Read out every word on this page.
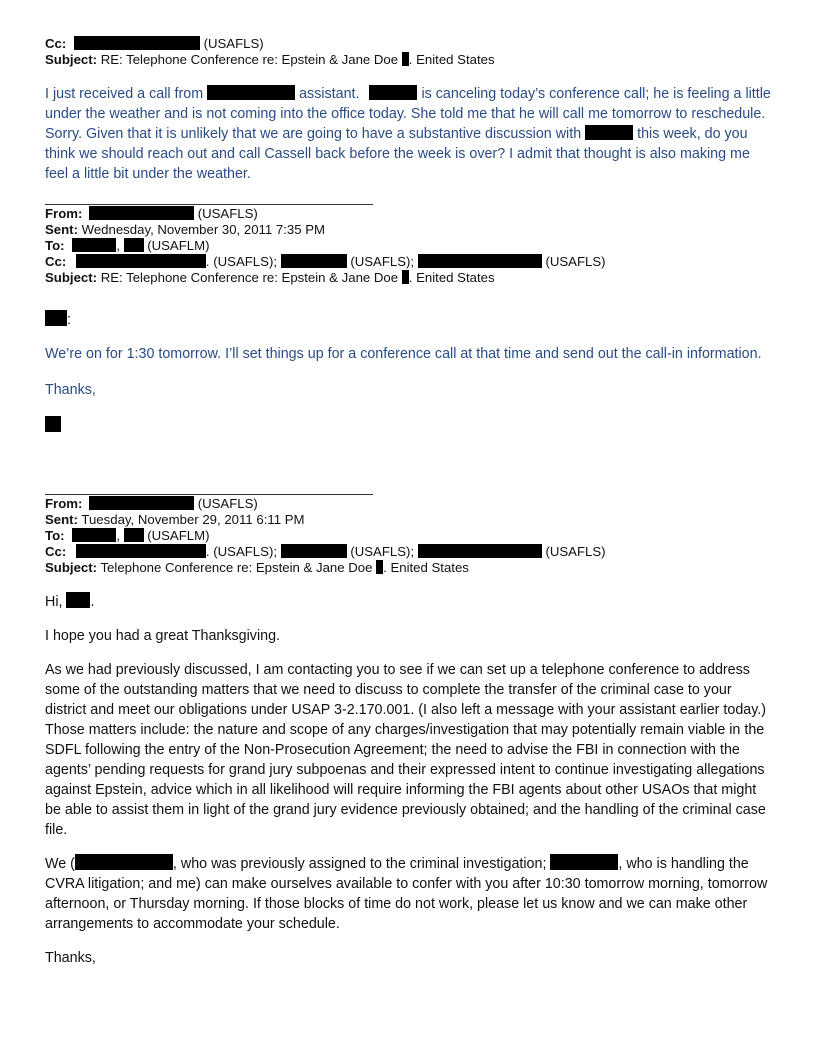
Cc:	(USAFLS)
Subject: RE: Telephone Conference re: Epstein & Jane Doe . Enited States

I just received a call from	assistant.	is canceling today’s conference call; he is feeling a little under the weather and is not coming into the office today. She told me that he will call me tomorrow to reschedule. Sorry. Given that it is unlikely that we are going to have a substantive discussion with	this week, do you think we should reach out and call Cassell back before the week is over? I admit that thought is also making me feel a little bit under the weather.

From:	(USAFLS)
Sent: Wednesday, November 30, 2011 7:35 PM
To:	,  (USAFLM)
Cc:	. (USAFLS);	(USAFLS);	(USAFLS)
Subject: RE: Telephone Conference re: Epstein & Jane Doe . Enited States

:

We’re on for 1:30 tomorrow. I’ll set things up for a conference call at that time and send out the call-in information.

Thanks,

From:	(USAFLS)
Sent: Tuesday, November 29, 2011 6:11 PM
To:	,  (USAFLM)
Cc:	. (USAFLS);	(USAFLS);	(USAFLS)
Subject: Telephone Conference re: Epstein & Jane Doe . Enited States

Hi, .

I hope you had a great Thanksgiving.

As we had previously discussed, I am contacting you to see if we can set up a telephone conference to address some of the outstanding matters that we need to discuss to complete the transfer of the criminal case to your district and meet our obligations under USAP 3-2.170.001. (I also left a message with your assistant earlier today.) Those matters include: the nature and scope of any charges/investigation that may potentially remain viable in the SDFL following the entry of the Non-Prosecution Agreement; the need to advise the FBI in connection with the agents’ pending requests for grand jury subpoenas and their expressed intent to continue investigating allegations against Epstein, advice which in all likelihood will require informing the FBI agents about other USAOs that might be able to assist them in light of the grand jury evidence previously obtained; and the handling of the criminal case file.

We (	, who was previously assigned to the criminal investigation;	, who is handling the CVRA litigation; and me) can make ourselves available to confer with you after 10:30 tomorrow morning, tomorrow afternoon, or Thursday morning. If those blocks of time do not work, please let us know and we can make other arrangements to accommodate your schedule.

Thanks,
